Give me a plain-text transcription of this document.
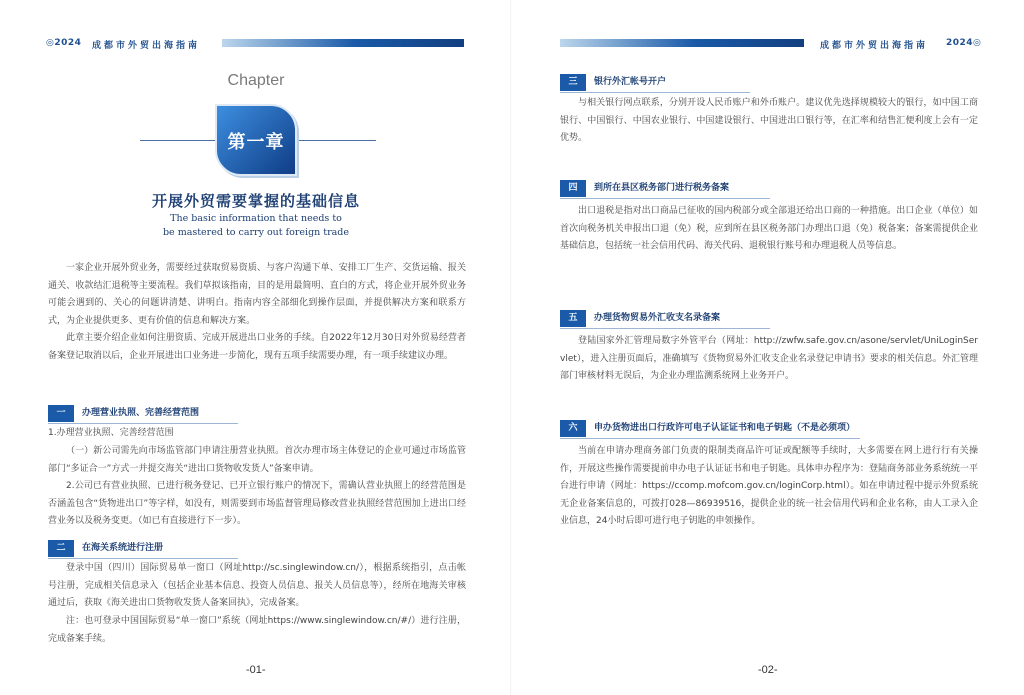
◎2024 成都市外贸出海指南
Chapter
第一章
开展外贸需要掌握的基础信息
The basic information that needs to
be mastered to carry out foreign trade
一家企业开展外贸业务，需要经过获取贸易资质、与客户沟通下单、安排工厂生产、交货运输、报关通关、收款结汇退税等主要流程。我们草拟该指南，目的是用最简明、直白的方式，将企业开展外贸业务可能会遇到的、关心的问题讲清楚、讲明白。指南内容全部细化到操作层面，并提供解决方案和联系方式，为企业提供更多、更有价值的信息和解决方案。
此章主要介绍企业如何注册资质、完成开展进出口业务的手续。自2022年12月30日对外贸易经营者备案登记取消以后，企业开展进出口业务进一步简化，现有五项手续需要办理，有一项手续建议办理。
一	办理营业执照、完善经营范围
1.办理营业执照、完善经营范围
（一）新公司需先向市场监管部门申请注册营业执照。首次办理市场主体登记的企业可通过市场监管部门“多证合一”方式一并提交海关“进出口货物收发货人”备案申请。
2.公司已有营业执照、已进行税务登记、已开立银行账户的情况下，需确认营业执照上的经营范围是否涵盖包含“货物进出口”等字样，如没有，则需要到市场监督管理局修改营业执照经营范围加上进出口经营业务以及税务变更。（如已有直接进行下一步）。
二	在海关系统进行注册
登录中国（四川）国际贸易单一窗口（网址http://sc.singlewindow.cn/），根据系统指引，点击帐号注册，完成相关信息录入（包括企业基本信息、投资人员信息、报关人员信息等），经所在地海关审核通过后，获取《海关进出口货物收发货人备案回执》，完成备案。
注：也可登录中国国际贸易“单一窗口”系统（网址https://www.singlewindow.cn/#/）进行注册，完成备案手续。
-01-
成都市外贸出海指南 2024◎
三	银行外汇帐号开户
与相关银行网点联系，分别开设人民币账户和外币账户。建议优先选择规模较大的银行，如中国工商银行、中国银行、中国农业银行、中国建设银行、中国进出口银行等，在汇率和结售汇便利度上会有一定优势。
四	到所在县区税务部门进行税务备案
出口退税是指对出口商品已征收的国内税部分或全部退还给出口商的一种措施。出口企业（单位）如首次向税务机关申报出口退（免）税，应到所在县区税务部门办理出口退（免）税备案；备案需提供企业基础信息，包括统一社会信用代码、海关代码、退税银行账号和办理退税人员等信息。
五	办理货物贸易外汇收支名录备案
登陆国家外汇管理局数字外管平台（网址：http://zwfw.safe.gov.cn/asone/servlet/UniLoginServlet），进入注册页面后，准确填写《货物贸易外汇收支企业名录登记申请书》要求的相关信息。外汇管理部门审核材料无误后，为企业办理监测系统网上业务开户。
六	申办货物进出口行政许可电子认证证书和电子钥匙（不是必须项）
当前在申请办理商务部门负责的限制类商品许可证或配额等手续时，大多需要在网上进行行有关操作，开展这些操作需要提前申办电子认证证书和电子钥匙。具体申办程序为：登陆商务部业务系统统一平台进行申请（网址：https://ccomp.mofcom.gov.cn/loginCorp.html）。如在申请过程中提示外贸系统无企业备案信息的，可拨打028—86939516，提供企业的统一社会信用代码和企业名称，由人工录入企业信息，24小时后即可进行电子钥匙的申领操作。
-02-
